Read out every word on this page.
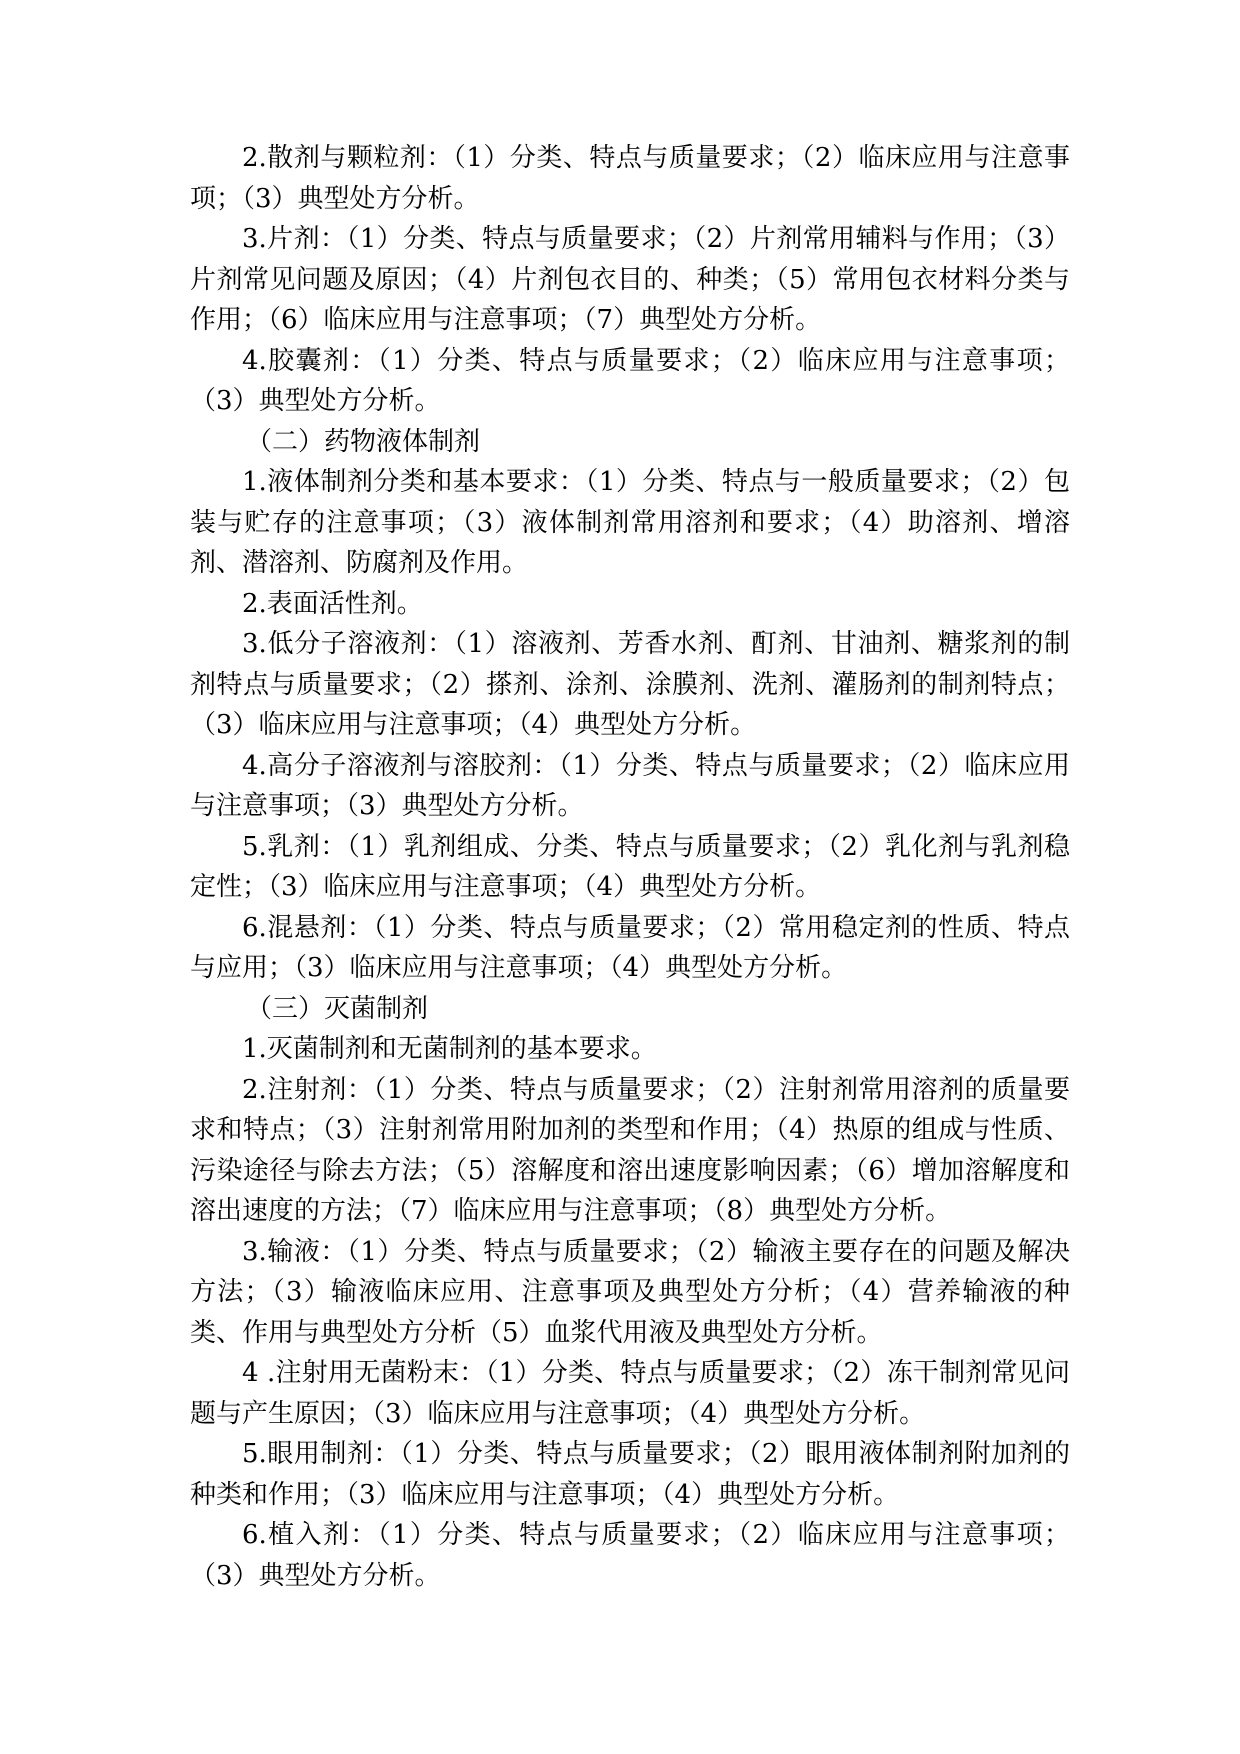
2.散剂与颗粒剂：（1）分类、特点与质量要求；（2）临床应用与注意事项；（3）典型处方分析。

3.片剂：（1）分类、特点与质量要求；（2）片剂常用辅料与作用；（3）片剂常见问题及原因；（4）片剂包衣目的、种类；（5）常用包衣材料分类与作用；（6）临床应用与注意事项；（7）典型处方分析。

4.胶囊剂：（1）分类、特点与质量要求；（2）临床应用与注意事项；（3）典型处方分析。

（二）药物液体制剂

1.液体制剂分类和基本要求：（1）分类、特点与一般质量要求；（2）包装与贮存的注意事项；（3）液体制剂常用溶剂和要求；（4）助溶剂、增溶剂、潜溶剂、防腐剂及作用。

2.表面活性剂。

3.低分子溶液剂：（1）溶液剂、芳香水剂、酊剂、甘油剂、糖浆剂的制剂特点与质量要求；（2）搽剂、涂剂、涂膜剂、洗剂、灌肠剂的制剂特点；（3）临床应用与注意事项；（4）典型处方分析。

4.高分子溶液剂与溶胶剂：（1）分类、特点与质量要求；（2）临床应用与注意事项；（3）典型处方分析。

5.乳剂：（1）乳剂组成、分类、特点与质量要求；（2）乳化剂与乳剂稳定性；（3）临床应用与注意事项；（4）典型处方分析。

6.混悬剂：（1）分类、特点与质量要求；（2）常用稳定剂的性质、特点与应用；（3）临床应用与注意事项；（4）典型处方分析。

（三）灭菌制剂

1.灭菌制剂和无菌制剂的基本要求。

2.注射剂：（1）分类、特点与质量要求；（2）注射剂常用溶剂的质量要求和特点；（3）注射剂常用附加剂的类型和作用；（4）热原的组成与性质、污染途径与除去方法；（5）溶解度和溶出速度影响因素；（6）增加溶解度和溶出速度的方法；（7）临床应用与注意事项；（8）典型处方分析。

3.输液：（1）分类、特点与质量要求；（2）输液主要存在的问题及解决方法；（3）输液临床应用、注意事项及典型处方分析；（4）营养输液的种类、作用与典型处方分析（5）血浆代用液及典型处方分析。

4 .注射用无菌粉末：（1）分类、特点与质量要求；（2）冻干制剂常见问题与产生原因；（3）临床应用与注意事项；（4）典型处方分析。

5.眼用制剂：（1）分类、特点与质量要求；（2）眼用液体制剂附加剂的种类和作用；（3）临床应用与注意事项；（4）典型处方分析。

6.植入剂：（1）分类、特点与质量要求；（2）临床应用与注意事项；（3）典型处方分析。
